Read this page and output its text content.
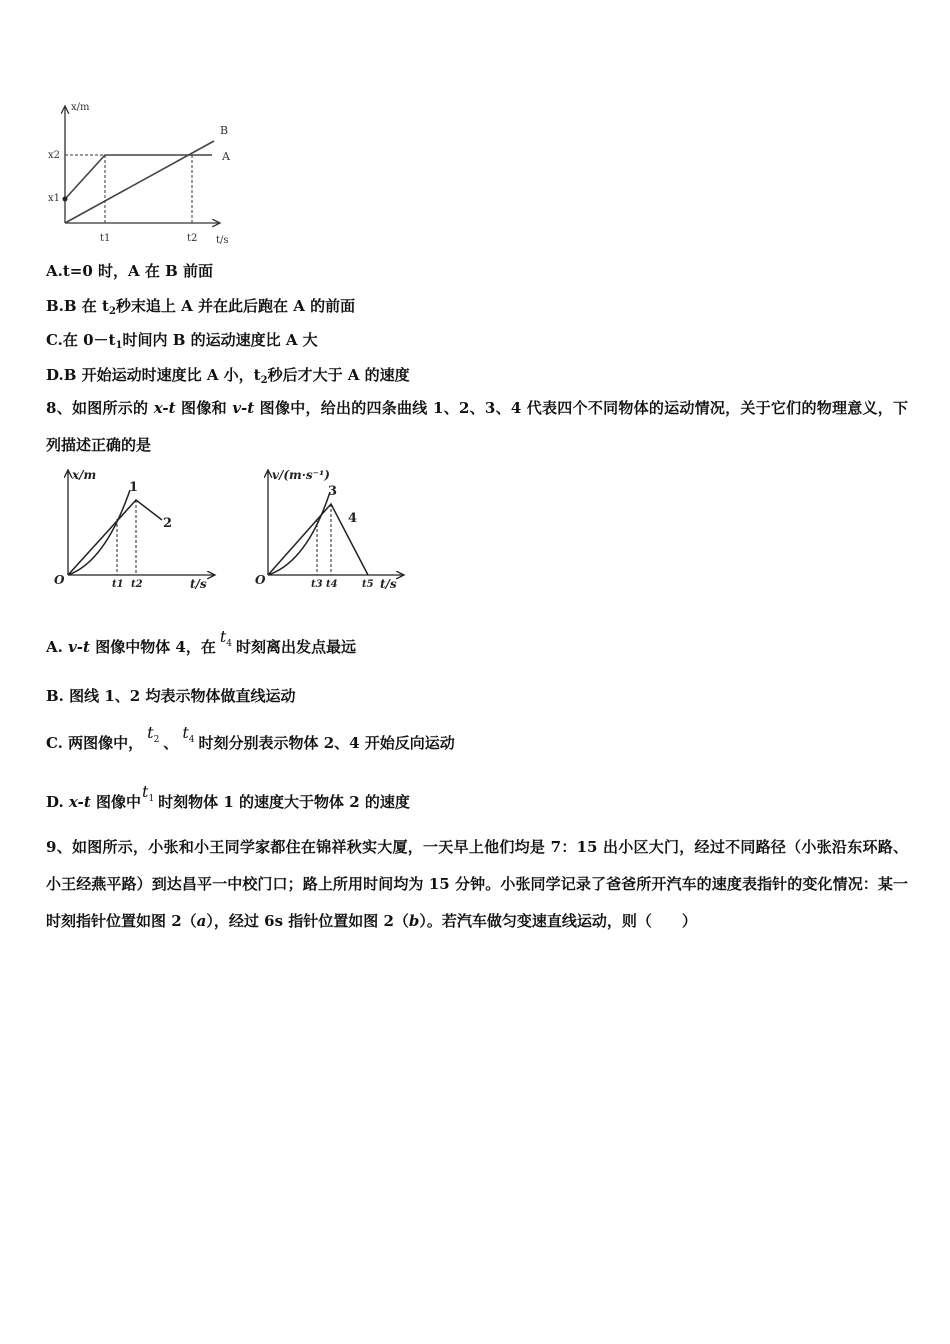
x/m
t/s
x2
x1
t1	t2
A
B
A.t=0 时，A 在 B 前面
B.B 在 $t_2$秒末追上 A 并在此后跑在 A 的前面
C.在 $0-t_1$时间内 B 的运动速度比 A 大
D.B 开始运动时速度比 A 小，$t_2$秒后才大于 A 的速度
8、如图所示的 x-t 图像和 v-t 图像中，给出的四条曲线 1、2、3、4 代表四个不同物体的运动情况，关于它们的物理意义，下列描述正确的是
x/m
t/s
O	t1 t2
1
2
v/(m·s⁻¹)
t/s
O	t3 t4 t5
3
4
A. v-t 图像中物体 4，在$t_4$ 时刻离出发点最远
B. 图线 1、2 均表示物体做直线运动
C. 两图像中，$t_2$ 、$t_4$ 时刻分别表示物体 2、4 开始反向运动
D. x-t 图像中$t_1$ 时刻物体 1 的速度大于物体 2 的速度
9、如图所示，小张和小王同学家都住在锦祥秋实大厦，一天早上他们均是 7：15 出小区大门，经过不同路径（小张沿东环路、小王经燕平路）到达昌平一中校门口；路上所用时间均为 15 分钟。小张同学记录了爸爸所开汽车的速度表指针的变化情况：某一时刻指针位置如图 2（a），经过 6s 指针位置如图 2（b）。若汽车做匀变速直线运动，则（　　）
